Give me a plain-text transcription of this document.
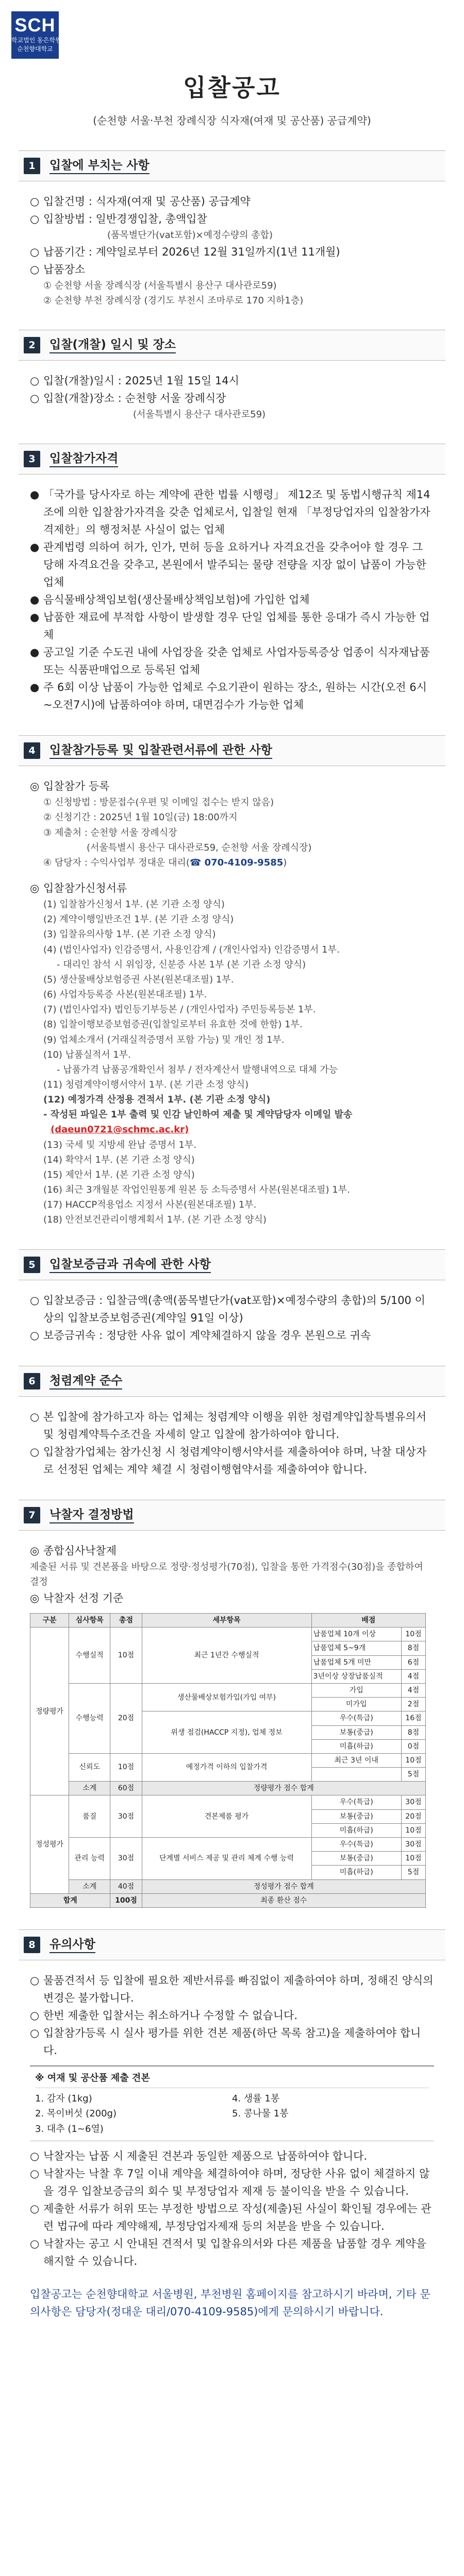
SCH
학교법인 동은학원
순천향대학교
입찰공고
(순천향 서울·부천 장례식장 식자재(여재 및 공산품) 공급계약)
1	입찰에 부치는 사항
○ 입찰건명 : 식자재(여재 및 공산품) 공급계약
○ 입찰방법 : 일반경쟁입찰, 총액입찰
(품목별단가(vat포함)×예정수량의 총합)
○ 납품기간 : 계약일로부터 2026년 12월 31일까지(1년 11개월)
○ 납품장소
① 순천향 서울 장례식장 (서울특별시 용산구 대사관로59)
② 순천향 부천 장례식장 (경기도 부천시 조마루로 170 지하1층)
2	입찰(개찰) 일시 및 장소
○ 입찰(개찰)일시 : 2025년 1월 15일 14시
○ 입찰(개찰)장소 : 순천향 서울 장례식장
(서울특별시 용산구 대사관로59)
3	입찰참가자격
● 「국가를 당사자로 하는 계약에 관한 법률 시행령」 제12조 및 동법시행규칙 제14조에 의한 입찰참가자격을 갖춘 업체로서, 입찰일 현재 「부정당업자의 입찰참가자격제한」의 행정처분 사실이 없는 업체
● 관계법령 의하여 허가, 인가, 면허 등을 요하거나 자격요건을 갖추어야 할 경우 그 당해 자격요건을 갖추고, 본원에서 발주되는 물량 전량을 지장 없이 납품이 가능한 업체
● 음식물배상책임보험(생산물배상책임보험)에 가입한 업체
● 납품한 재료에 부적합 사항이 발생할 경우 단일 업체를 통한 응대가 즉시 가능한 업체
● 공고일 기준 수도권 내에 사업장을 갖춘 업체로 사업자등록증상 업종이 식자재납품 또는 식품판매업으로 등록된 업체
● 주 6회 이상 납품이 가능한 업체로 수요기관이 원하는 장소, 원하는 시간(오전 6시~오전7시)에 납품하여야 하며, 대면검수가 가능한 업체
4	입찰참가등록 및 입찰관련서류에 관한 사항
◎ 입찰참가 등록
① 신청방법 : 방문접수(우편 및 이메일 접수는 받지 않음)
② 신청기간 : 2025년 1월 10일(금) 18:00까지
③ 제출처 : 순천향 서울 장례식장
(서울특별시 용산구 대사관로59, 순천향 서울 장례식장)
④ 담당자 : 수익사업부 정대운 대리(☎ 070-4109-9585)
◎ 입찰참가신청서류
(1) 입찰참가신청서 1부. (본 기관 소정 양식)
(2) 계약이행일반조건 1부. (본 기관 소정 양식)
(3) 입찰유의사항 1부. (본 기관 소정 양식)
(4) (법인사업자) 인감증명서, 사용인감계 / (개인사업자) 인감증명서 1부.
- 대리인 참석 시 위임장, 신분증 사본 1부 (본 기관 소정 양식)
(5) 생산물배상보험증권 사본(원본대조필) 1부.
(6) 사업자등록증 사본(원본대조필) 1부.
(7) (법인사업자) 법인등기부등본 / (개인사업자) 주민등록등본 1부.
(8) 입찰이행보증보험증권(입찰일로부터 유효한 것에 한함) 1부.
(9) 업체소개서 (거래실적증명서 포함 가능) 및 개인 정 1부.
(10) 납품실적서 1부.
- 납품가격 납품공개확인서 첨부 / 전자계산서 발행내역으로 대체 가능
(11) 청렴계약이행서약서 1부. (본 기관 소정 양식)
(12) 예정가격 산정용 견적서 1부. (본 기관 소정 양식)
- 작성된 파일은 1부 출력 및 인감 날인하여 제출 및 계약담당자 이메일 발송
(daeun0721@schmc.ac.kr)
(13) 국세 및 지방세 완납 증명서 1부.
(14) 확약서 1부. (본 기관 소정 양식)
(15) 제안서 1부. (본 기관 소정 양식)
(16) 최근 3개월분 작업인원통계 원본 등 소득증명서 사본(원본대조필) 1부.
(17) HACCP적용업소 지정서 사본(원본대조필) 1부.
(18) 안전보건관리이행계획서 1부. (본 기관 소정 양식)
5	입찰보증금과 귀속에 관한 사항
○ 입찰보증금 : 입찰금액(총액(품목별단가(vat포함)×예정수량의 총합)의 5/100 이상의 입찰보증보험증권(계약일 91일 이상)
○ 보증금귀속 : 정당한 사유 없이 계약체결하지 않을 경우 본원으로 귀속
6	청렴계약 준수
○ 본 입찰에 참가하고자 하는 업체는 청렴계약 이행을 위한 청렴계약입찰특별유의서 및 청렴계약특수조건을 자세히 알고 입찰에 참가하여야 합니다.
○ 입찰참가업체는 참가신청 시 청렴계약이행서약서를 제출하여야 하며, 낙찰 대상자로 선정된 업체는 계약 체결 시 청렴이행협약서를 제출하여야 합니다.
7	낙찰자 결정방법
◎ 종합심사낙찰제
제출된 서류 및 견본품을 바탕으로 정량·정성평가(70점), 입찰을 통한 가격점수(30점)을 종합하여 결정
◎ 낙찰자 선정 기준
구분	심사항목	총점	세부항목	배점	
정량평가	수행실적	10점	최근 1년간 수행실적	납품업체 10개 이상	10점
				납품업체 5~9개	8점
				납품업체 5개 미만	6점
				3년이상 상장납품실적	4점
	수행능력	20점	생산물배상보험가입(가입 여부)	가입	4점
				미가입	2점
			위생 점검(HACCP 지정), 업체 정보	우수(특급)	16점
				보통(중급)	8점
				미흡(하급)	0점
	신뢰도	10점	예정가격 이하의 입찰가격	최근 3년 이내	10점
					5점
	소계	60점	정량평가 점수 합계		
정성평가	품질	30점	견본제품 평가	우수(특급)	30점
				보통(중급)	20점
				미흡(하급)	10점
	관리 능력	30점	단계별 서비스 제공 및 관리 체계 수행 능력	우수(특급)	30점
				보통(중급)	10점
				미흡(하급)	5점
	소계	40점	정성평가 점수 합계		
합계		100점	최종 환산 점수		
8	유의사항
○ 물품견적서 등 입찰에 필요한 제반서류를 빠짐없이 제출하여야 하며, 정해진 양식의 변경은 불가합니다.
○ 한번 제출한 입찰서는 취소하거나 수정할 수 없습니다.
○ 입찰참가등록 시 실사 평가를 위한 견본 제품(하단 목록 참고)을 제출하여야 합니다.
※ 여재 및 공산품 제출 견본
1. 감자 (1kg)
2. 목이버섯 (200g)
3. 대추 (1~6열)
4. 생률 1봉
5. 콩나물 1봉
○ 낙찰자는 납품 시 제출된 견본과 동일한 제품으로 납품하여야 합니다.
○ 낙찰자는 낙찰 후 7일 이내 계약을 체결하여야 하며, 정당한 사유 없이 체결하지 않을 경우 입찰보증금의 회수 및 부정당업자 제재 등 불이익을 받을 수 있습니다.
○ 제출한 서류가 허위 또는 부정한 방법으로 작성(제출)된 사실이 확인될 경우에는 관련 법규에 따라 계약해제, 부정당업자제재 등의 처분을 받을 수 있습니다.
○ 낙찰자는 공고 시 안내된 견적서 및 입찰유의서와 다른 제품을 납품할 경우 계약을 해지할 수 있습니다.
입찰공고는 순천향대학교 서울병원, 부천병원 홈페이지를 참고하시기 바라며, 기타 문의사항은 담당자(정대운 대리/070-4109-9585)에게 문의하시기 바랍니다.
